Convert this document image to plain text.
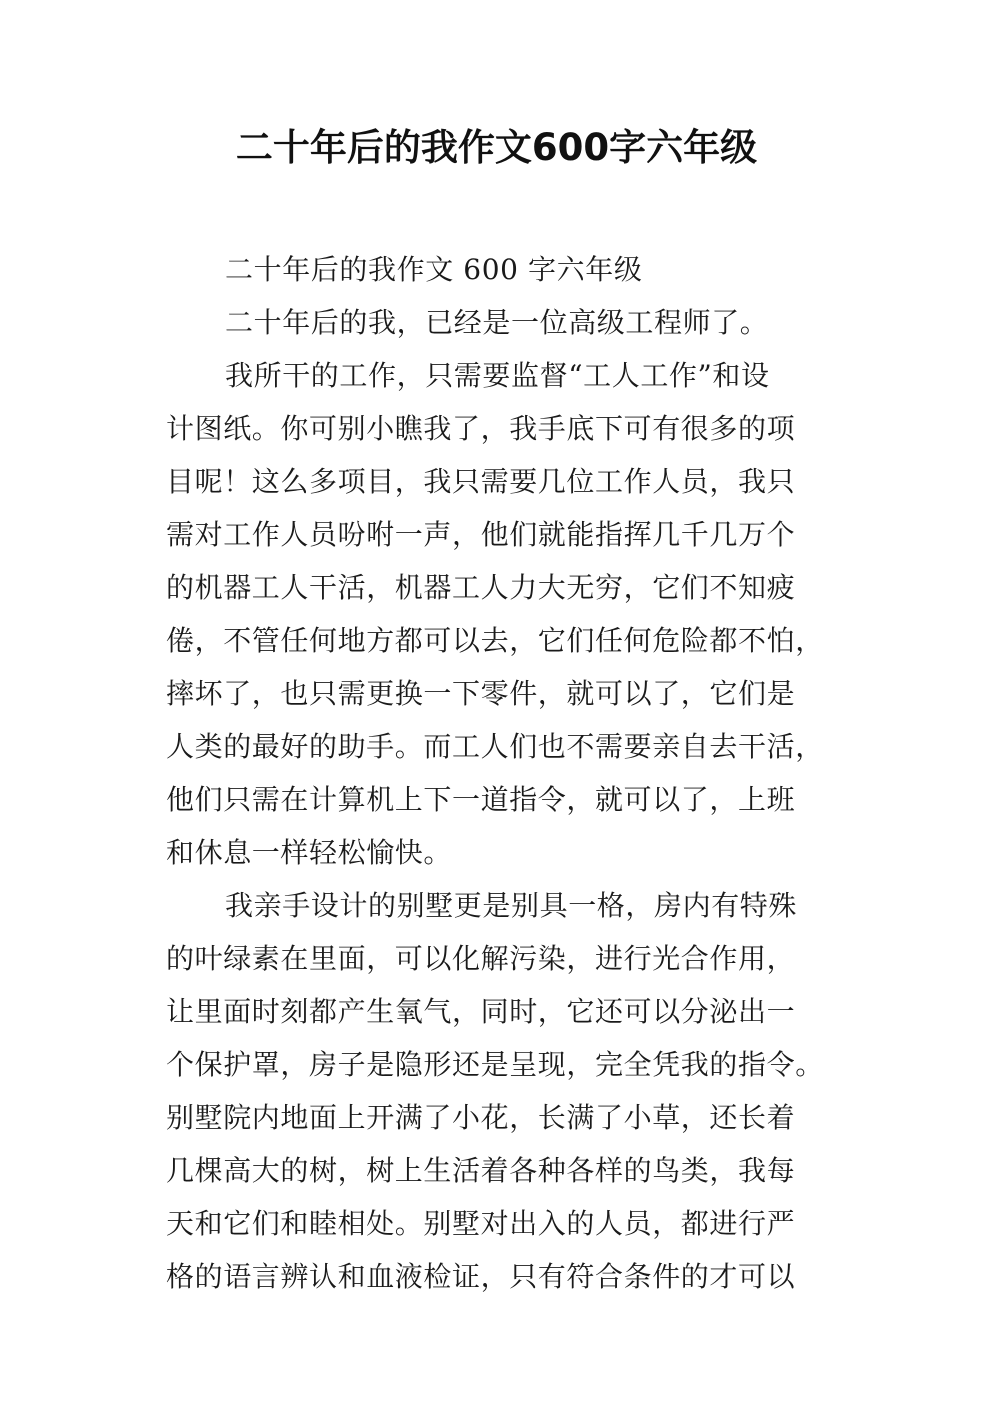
二十年后的我作文600字六年级
二十年后的我作文 600 字六年级
二十年后的我，已经是一位高级工程师了。
我所干的工作，只需要监督“工人工作”和设
计图纸。你可别小瞧我了，我手底下可有很多的项
目呢！这么多项目，我只需要几位工作人员，我只
需对工作人员吩咐一声，他们就能指挥几千几万个
的机器工人干活，机器工人力大无穷，它们不知疲
倦，不管任何地方都可以去，它们任何危险都不怕，
摔坏了，也只需更换一下零件，就可以了，它们是
人类的最好的助手。而工人们也不需要亲自去干活，
他们只需在计算机上下一道指令，就可以了，上班
和休息一样轻松愉快。
我亲手设计的别墅更是别具一格，房内有特殊
的叶绿素在里面，可以化解污染，进行光合作用，
让里面时刻都产生氧气，同时，它还可以分泌出一
个保护罩，房子是隐形还是呈现，完全凭我的指令。
别墅院内地面上开满了小花，长满了小草，还长着
几棵高大的树，树上生活着各种各样的鸟类，我每
天和它们和睦相处。别墅对出入的人员，都进行严
格的语言辨认和血液检证，只有符合条件的才可以
